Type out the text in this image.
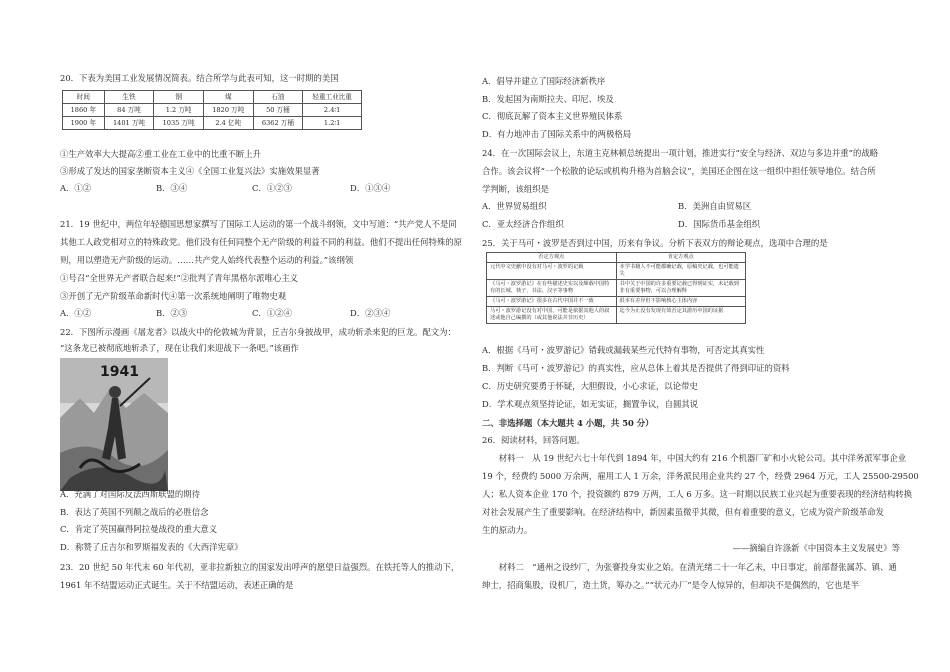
20．下表为美国工业发展情况简表。结合所学与此表可知，这一时期的美国
时间	生铁	钢	煤	石油	轻重工业比重
1860 年	84 万吨	1.2 万吨	1820 万吨	50 万桶	2.4∶1
1900 年	1401 万吨	1035 万吨	2.4 亿吨	6362 万桶	1.2∶1
①生产效率大大提高②重工业在工业中的比重不断上升
③形成了发达的国家垄断资本主义④《全国工业复兴法》实施效果显著
A．①②	B．③④	C．①②③	D．①③④
21．19 世纪中，两位年轻德国思想家撰写了国际工人运动的第一个战斗纲领，文中写道：“共产党人不是同
其他工人政党相对立的特殊政党。他们没有任何同整个无产阶级的利益不同的利益。他们不提出任何特殊的原
则，用以塑造无产阶级的运动。……共产党人始终代表整个运动的利益。”该纲领
①号召“全世界无产者联合起来!”②批判了青年黑格尔派唯心主义
③开创了无产阶级革命新时代④第一次系统地阐明了唯物史观
A．①②	B．②③	C．①②④	D．②③④
22．下图所示漫画《屠龙者》以战火中的伦敦城为背景，丘吉尔身披战甲，成功斩杀来犯的巨龙。配文为：
“这条龙已被彻底地斩杀了，现在让我们来迎战下一条吧。”该画作
1941
A．充满了对国际反法西斯联盟的期待
B．表达了英国不列颠之战后的必胜信念
C．肯定了英国赢得阿拉曼战役的重大意义
D．称赞了丘吉尔和罗斯福发表的《大西洋宪章》
23．20 世纪 50 年代末 60 年代初，亚非拉新独立的国家发出呼声的愿望日益强烈。在铁托等人的推动下，
1961 年不结盟运动正式诞生。关于不结盟运动，表述正确的是
A．倡导并建立了国际经济新秩序
B．发起国为南斯拉夫、印尼、埃及
C．彻底瓦解了资本主义世界殖民体系
D．有力地冲击了国际关系中的两极格局
24．在一次国际会议上，东道主克林顿总统提出一项计划，推进实行“安全与经济、双边与多边并重”的战略
合作。该会议将“一个松散的论坛或机构升格为首脑会议”，美国还企图在这一组织中担任领导地位。结合所
学判断，该组织是
A．世界贸易组织	B．美洲自由贸易区
C．亚太经济合作组织	D．国际货币基金组织
25．关于马可・波罗是否到过中国，历来有争议。分析下表双方的辩论观点，选项中合理的是
否定方观点	肯定方观点
元代中文史献中没有对马可・波罗的记载	本学书籍人不可能都确记载，原稿史记载，也可能遗失
《马可・波罗游记》在有些描述史实以及颇载中国特有的长城、筷子、书法、汉字等事物	书中关于中国的许多重要记载已得到证实，未记载到非有重要事物，可以合理解释
《马可・波罗游记》很多在古代中国并不一致	很本有差异但不影响核心主体内容
马可・波罗游记没有对中国，可能是依据其他人的叙述或他自己编撰的（或其他说法并非历史）	迄今为止没有发现有效否定其游历中国的证据
A．根据《马可・波罗游记》错载或漏载某些元代特有事物，可否定其真实性
B．判断《马可・波罗游记》的真实性，应从总体上着其是否提供了得到印证的资料
C．历史研究要勇于怀疑，大胆假设，小心求证，以论带史
D．学术观点须坚持论证，如无实证，搁置争议，自圆其说
二、非选择题（本大题共 4 小题，共 50 分）
26．阅读材料，回答问题。
材料一　从 19 世纪六七十年代到 1894 年，中国大约有 216 个机器厂矿和小火轮公司。其中洋务派军事企业
19 个，经费约 5000 万余两，雇用工人 1 万余，洋务派民用企业共约 27 个，经费 2964 万元，工人 25500-29500
人；私人资本企业 170 个，投资额约 879 万两，工人 6 万多。这一时期以民族工业兴起为重要表现的经济结构转换
对社会发展产生了重要影响。在经济结构中，新因素虽微乎其微，但有着重要的意义，它成为资产阶级革命发
生的原动力。
——摘编自许涤新《中国资本主义发展史》等
材料二　“通州之设纱厂，为张謇投身实业之始。在清光绪二十一年乙未，中日事定，前部督张属苏、镇、通
绅士，招商集股，设机厂，造土货，筹办之。”“状元办厂”是令人惊异的，但却决不是偶然的，它也是半
